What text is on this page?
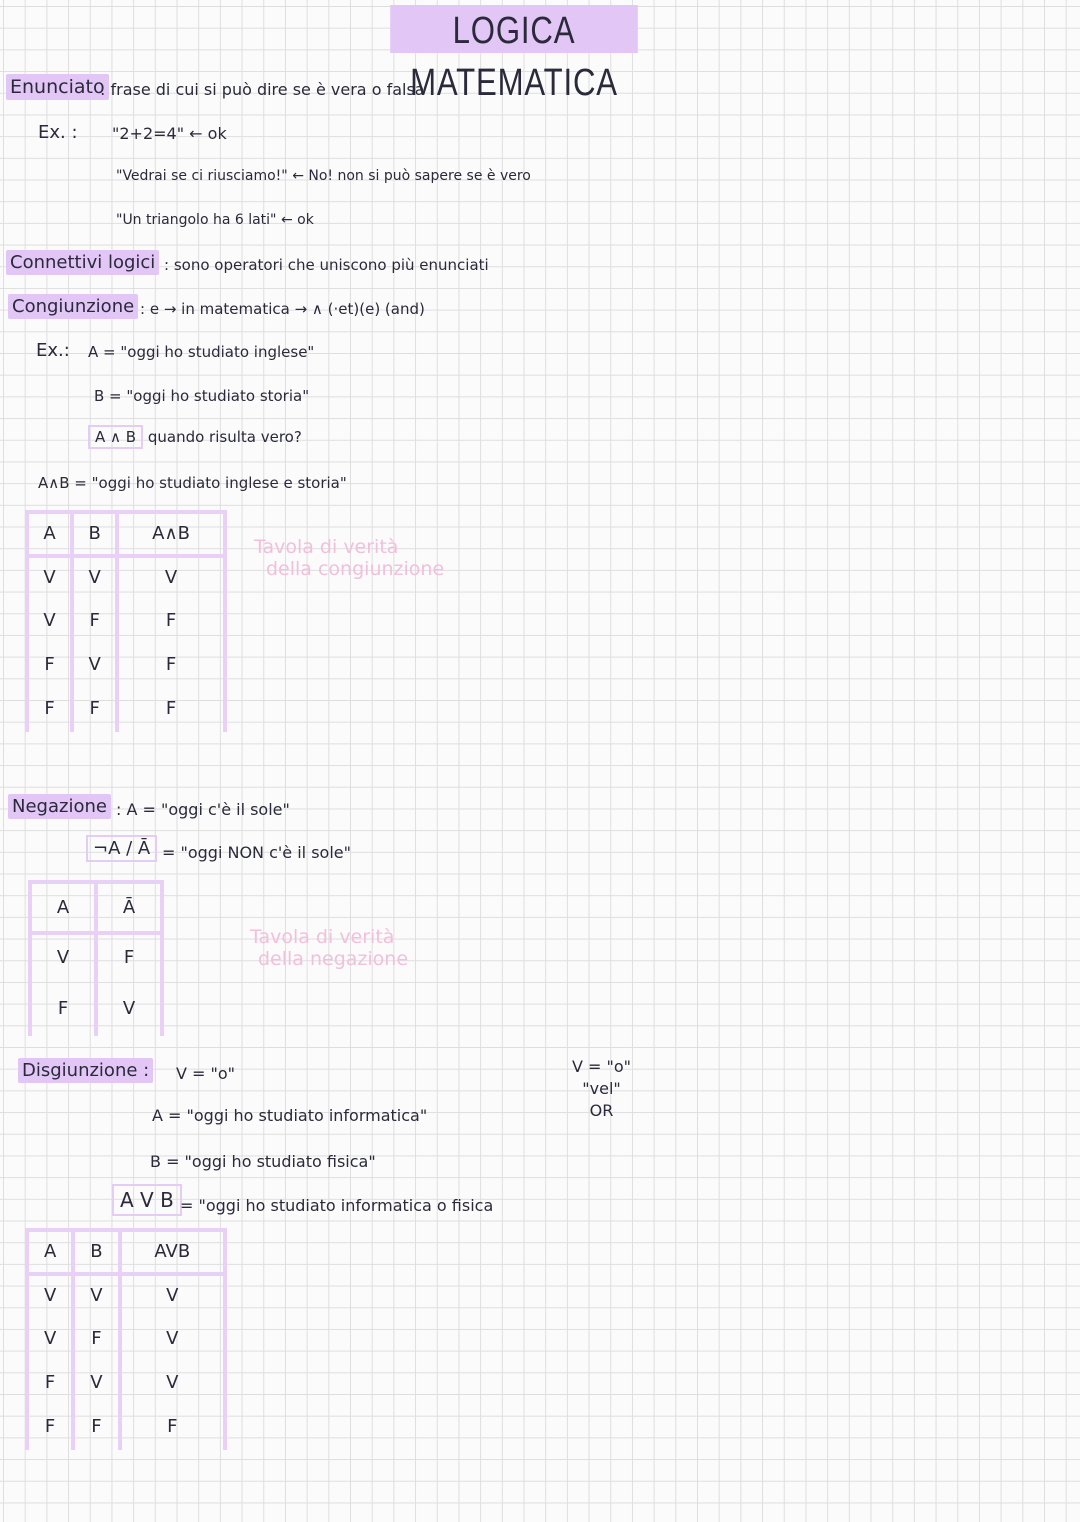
LOGICA MATEMATICA
Enunciato
: frase di cui si può dire se è vera o falsa
Ex. : "2+2=4" ← ok
"Vedrai se ci riusciamo!" ← No! non si può sapere se è vero
"Un triangolo ha 6 lati" ← ok
Connettivi logici : sono operatori che uniscono più enunciati
Congiunzione : e → in matematica → ∧ (·et)(e) (and)
Ex.: A = "oggi ho studiato inglese"
B = "oggi ho studiato storia"
A ∧ B quando risulta vero?
A∧B = "oggi ho studiato inglese e storia"
A	B	A∧B
V	V	V
V	F	F
F	V	F
F	F	F
Tavola di verità
della congiunzione
Negazione : A = "oggi c'è il sole"
¬A / Ā = "oggi NON c'è il sole"
A	Ā
V	F
F	V
Tavola di verità
della negazione
Disgiunzione : V = "o"	V = "o"
"vel"
OR
A = "oggi ho studiato informatica"
B = "oggi ho studiato fisica"
A V B = "oggi ho studiato informatica o fisica
A	B	AVB
V	V	V
V	F	V
F	V	V
F	F	F
